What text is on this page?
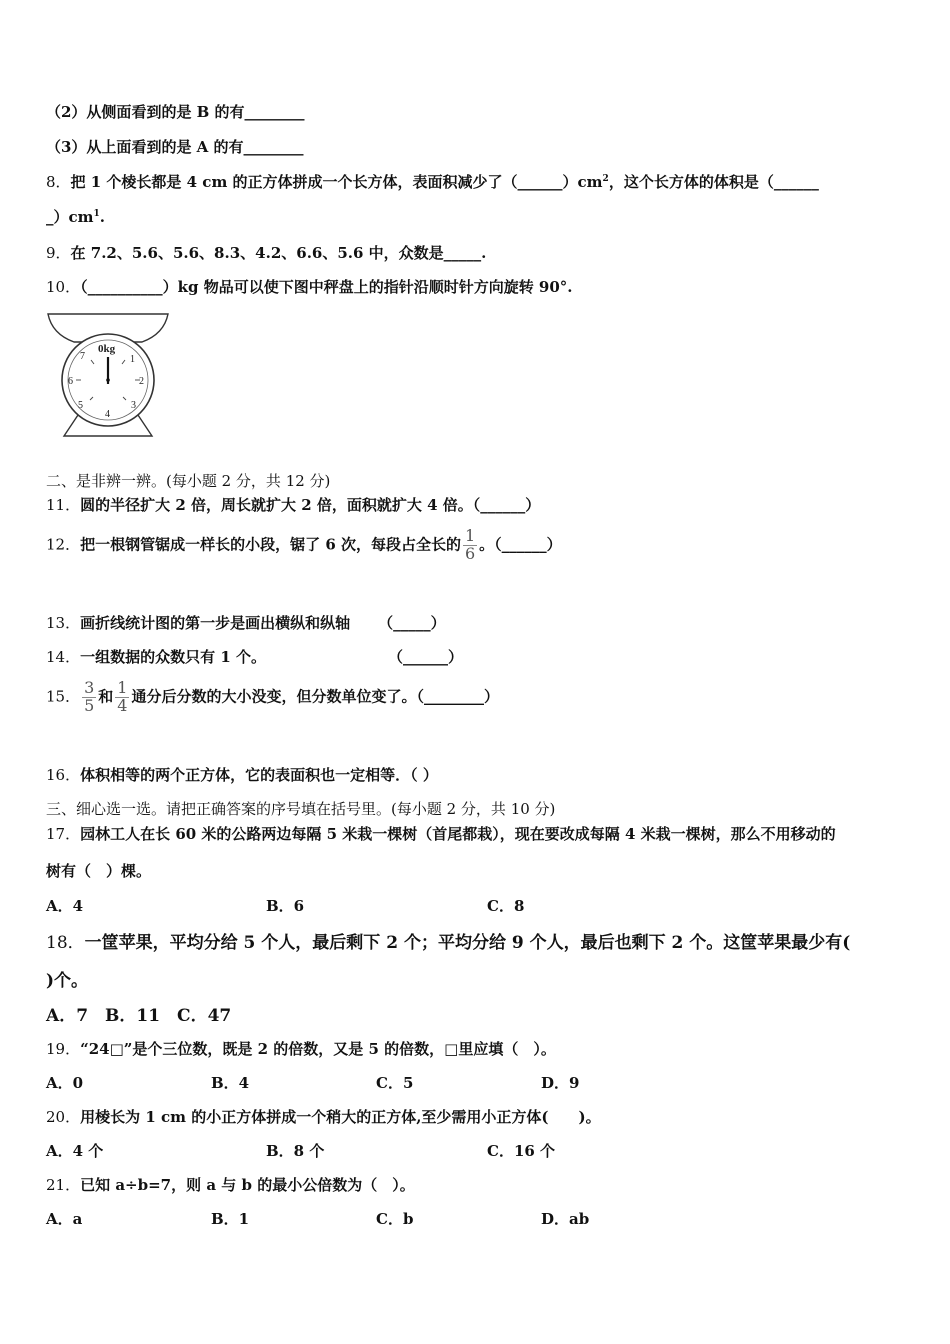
（2）从侧面看到的是 B 的有________
（3）从上面看到的是 A 的有________
8．把 1 个棱长都是 4 cm 的正方体拼成一个长方体，表面积减少了$(\_\_\_\_\_\_)cm^2$，这个长方体的体积是（______
$\_)cm^1$.
9．在 7.2、5.6、5.6、8.3、4.2、6.6、5.6 中，众数是_____.
10．（__________）kg 物品可以使下图中秤盘上的指针沿顺时针方向旋转 90°.
0kg
7	1
6	2
5	3
4
二、是非辨一辨。(每小题 2 分，共 12 分)
11．圆的半径扩大 2 倍，周长就扩大 2 倍，面积就扩大 4 倍。（______）
12．把一根钢管锯成一样长的小段，锯了 6 次，每段占全长的 $\frac{1}{6}$ 。（______）
13．画折线统计图的第一步是画出横纵和纵轴 （_____）
14．一组数据的众数只有 1 个。	（______）
15． $\frac{3}{5}$ 和 $\frac{1}{4}$ 通分后分数的大小没变，但分数单位变了。（________）
16．体积相等的两个正方体，它的表面积也一定相等．（ ）
三、细心选一选。请把正确答案的序号填在括号里。(每小题 2 分，共 10 分)
17．园林工人在长 60 米的公路两边每隔 5 米栽一棵树（首尾都栽），现在要改成每隔 4 米栽一棵树，那么不用移动的
树有（　）棵。
A．4	B．6	C．8
18．一筐苹果，平均分给 5 个人，最后剩下 2 个；平均分给 9 个人，最后也剩下 2 个。这筐苹果最少有(
)个。
A．7　B．11　C．47
19．“24□”是个三位数，既是 2 的倍数，又是 5 的倍数，□里应填（　）。
A．0	B．4	C．5	D．9
20．用棱长为 1 cm 的小正方体拼成一个稍大的正方体,至少需用小正方体(　　)。
A．4 个	B．8 个	C．16 个
21．已知 a÷b=7，则 a 与 b 的最小公倍数为（　）。
A．a	B．1	C．b	D．ab
